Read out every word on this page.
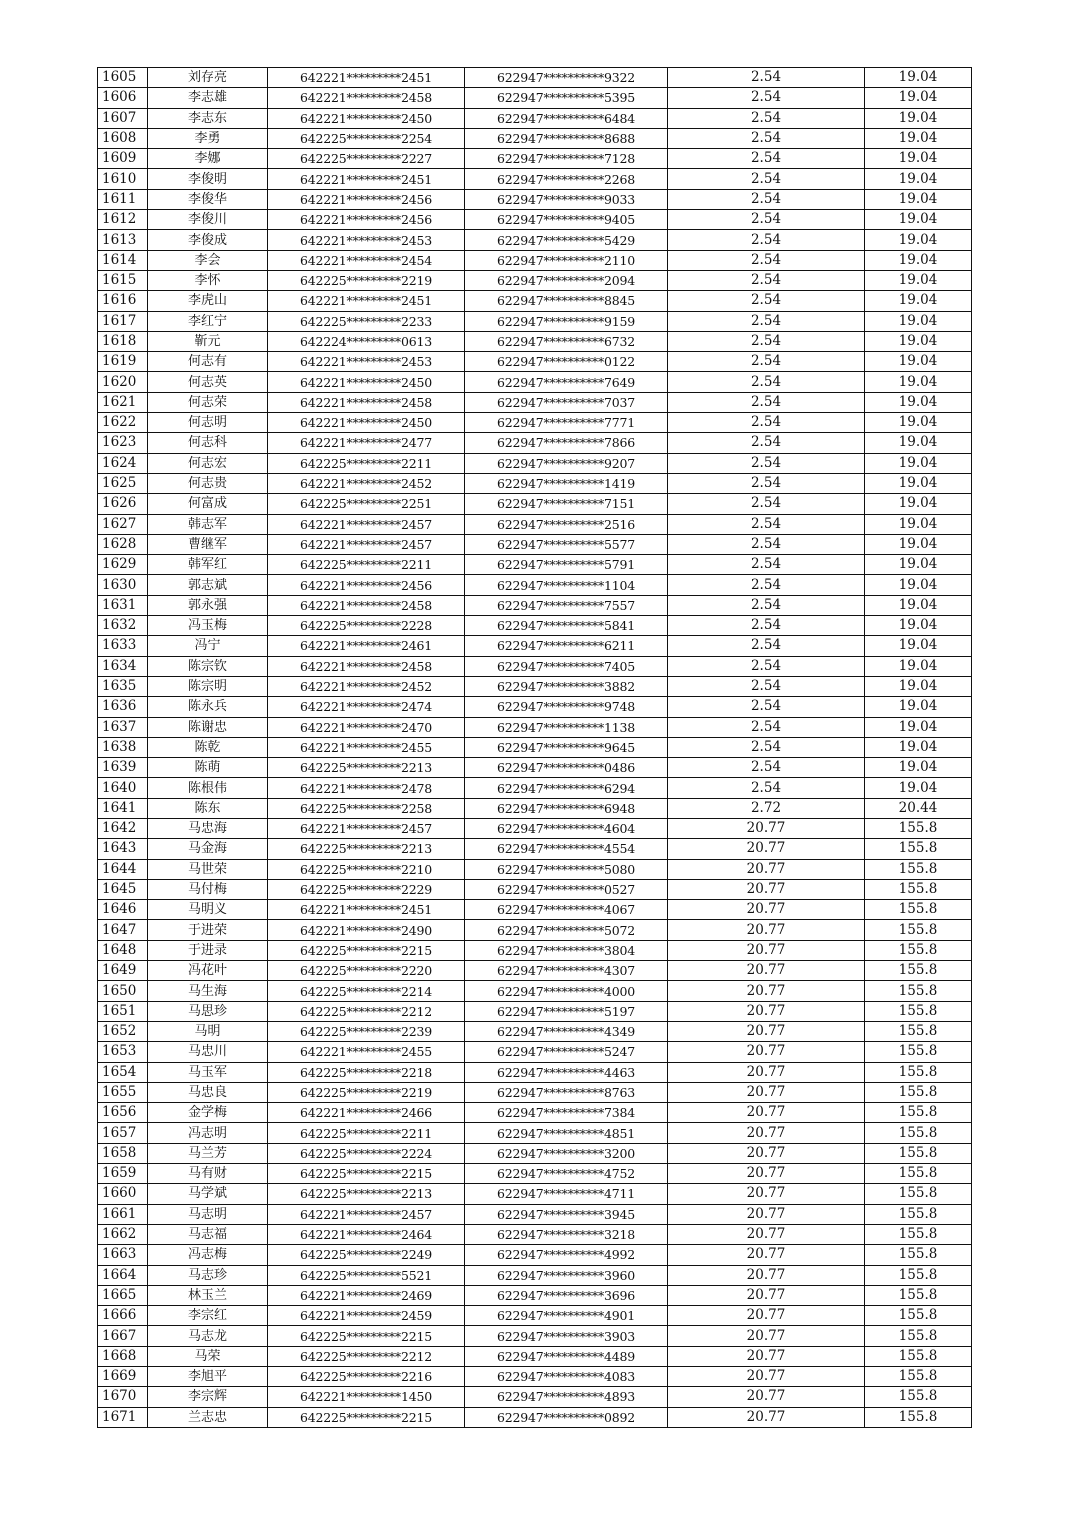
1605	刘存亮	642221*********2451	622947**********9322	2.54	19.04
1606	李志雄	642221*********2458	622947**********5395	2.54	19.04
1607	李志东	642221*********2450	622947**********6484	2.54	19.04
1608	李勇	642225*********2254	622947**********8688	2.54	19.04
1609	李娜	642225*********2227	622947**********7128	2.54	19.04
1610	李俊明	642221*********2451	622947**********2268	2.54	19.04
1611	李俊华	642221*********2456	622947**********9033	2.54	19.04
1612	李俊川	642221*********2456	622947**********9405	2.54	19.04
1613	李俊成	642221*********2453	622947**********5429	2.54	19.04
1614	李会	642221*********2454	622947**********2110	2.54	19.04
1615	李怀	642225*********2219	622947**********2094	2.54	19.04
1616	李虎山	642221*********2451	622947**********8845	2.54	19.04
1617	李红宁	642225*********2233	622947**********9159	2.54	19.04
1618	靳元	642224*********0613	622947**********6732	2.54	19.04
1619	何志有	642221*********2453	622947**********0122	2.54	19.04
1620	何志英	642221*********2450	622947**********7649	2.54	19.04
1621	何志荣	642221*********2458	622947**********7037	2.54	19.04
1622	何志明	642221*********2450	622947**********7771	2.54	19.04
1623	何志科	642221*********2477	622947**********7866	2.54	19.04
1624	何志宏	642225*********2211	622947**********9207	2.54	19.04
1625	何志贵	642221*********2452	622947**********1419	2.54	19.04
1626	何富成	642225*********2251	622947**********7151	2.54	19.04
1627	韩志军	642221*********2457	622947**********2516	2.54	19.04
1628	曹继军	642221*********2457	622947**********5577	2.54	19.04
1629	韩军红	642225*********2211	622947**********5791	2.54	19.04
1630	郭志斌	642221*********2456	622947**********1104	2.54	19.04
1631	郭永强	642221*********2458	622947**********7557	2.54	19.04
1632	冯玉梅	642225*********2228	622947**********5841	2.54	19.04
1633	冯宁	642221*********2461	622947**********6211	2.54	19.04
1634	陈宗钦	642221*********2458	622947**********7405	2.54	19.04
1635	陈宗明	642221*********2452	622947**********3882	2.54	19.04
1636	陈永兵	642221*********2474	622947**********9748	2.54	19.04
1637	陈谢忠	642221*********2470	622947**********1138	2.54	19.04
1638	陈乾	642221*********2455	622947**********9645	2.54	19.04
1639	陈萌	642225*********2213	622947**********0486	2.54	19.04
1640	陈根伟	642221*********2478	622947**********6294	2.54	19.04
1641	陈东	642225*********2258	622947**********6948	2.72	20.44
1642	马忠海	642221*********2457	622947**********4604	20.77	155.8
1643	马金海	642225*********2213	622947**********4554	20.77	155.8
1644	马世荣	642225*********2210	622947**********5080	20.77	155.8
1645	马付梅	642225*********2229	622947**********0527	20.77	155.8
1646	马明义	642221*********2451	622947**********4067	20.77	155.8
1647	于进荣	642221*********2490	622947**********5072	20.77	155.8
1648	于进录	642225*********2215	622947**********3804	20.77	155.8
1649	冯花叶	642225*********2220	622947**********4307	20.77	155.8
1650	马生海	642225*********2214	622947**********4000	20.77	155.8
1651	马思珍	642225*********2212	622947**********5197	20.77	155.8
1652	马明	642225*********2239	622947**********4349	20.77	155.8
1653	马忠川	642221*********2455	622947**********5247	20.77	155.8
1654	马玉军	642225*********2218	622947**********4463	20.77	155.8
1655	马忠良	642225*********2219	622947**********8763	20.77	155.8
1656	金学梅	642221*********2466	622947**********7384	20.77	155.8
1657	冯志明	642225*********2211	622947**********4851	20.77	155.8
1658	马兰芳	642225*********2224	622947**********3200	20.77	155.8
1659	马有财	642225*********2215	622947**********4752	20.77	155.8
1660	马学斌	642225*********2213	622947**********4711	20.77	155.8
1661	马志明	642221*********2457	622947**********3945	20.77	155.8
1662	马志福	642221*********2464	622947**********3218	20.77	155.8
1663	冯志梅	642225*********2249	622947**********4992	20.77	155.8
1664	马志珍	642225*********5521	622947**********3960	20.77	155.8
1665	林玉兰	642221*********2469	622947**********3696	20.77	155.8
1666	李宗红	642221*********2459	622947**********4901	20.77	155.8
1667	马志龙	642225*********2215	622947**********3903	20.77	155.8
1668	马荣	642225*********2212	622947**********4489	20.77	155.8
1669	李旭平	642225*********2216	622947**********4083	20.77	155.8
1670	李宗辉	642221*********1450	622947**********4893	20.77	155.8
1671	兰志忠	642225*********2215	622947**********0892	20.77	155.8
